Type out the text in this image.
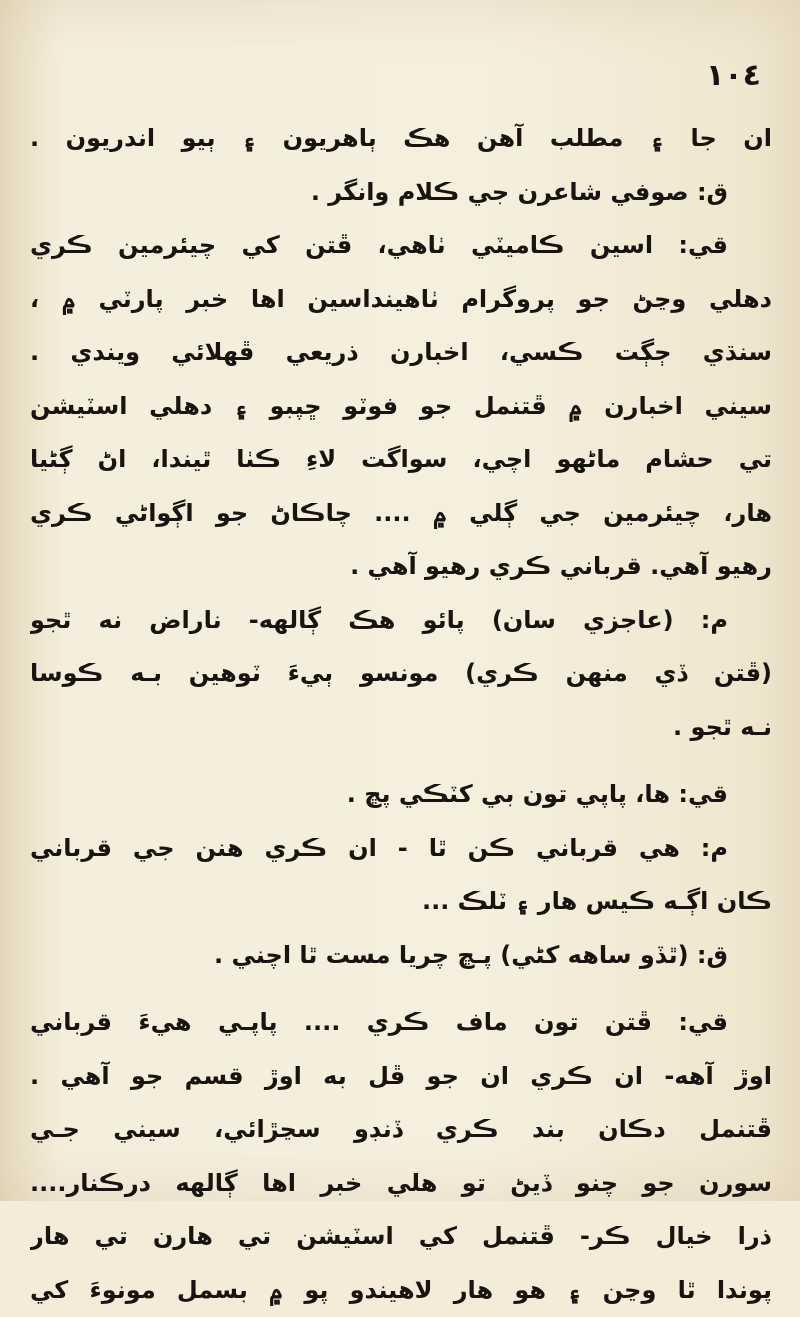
١٠٤
ان جا ۽ مطلب آهن هڪ ٻاهريون ۽ ٻيو اندريون .
ق: صوفي شاعرن جي ڪلام وانگر .
قي: اسين ڪاميٽي ٺاهي، ڦتن کي چيئرمين ڪري
دهلي وڃڻ جو پروگرام ٺاهينداسين اها خبر پارٽي ۾ ،
سنڌي ڄڳت ڪسي، اخبارن ذريعي ڦهلائي ويندي .
سيني اخبارن ۾ ڦتنمل جو فوٽو ڇپبو ۽ دهلي اسٽيشن
تي حشام ماڻهو اچي، سواگت لاءِ ڪٺا ٿيندا، اڻ ڳڻيا
هار، چيئرمين جي ڳلي ۾ .... چاڪاڻ جو اڳواڻي ڪري
رهيو آهي. قرباني ڪري رهيو آهي .
م: (عاجزي سان) پائو هڪ ڳالهه- ناراض نه ٿجو
(ڦتن ڏي منهن ڪري) مونسو ٻيءَ ٽوهين بـه ڪوسا
نـه ٿجو .
قي: ها، پاپي تون بي کٽڪي پڇ .
م: هي قرباني ڪن ٿا - ان ڪري هنن جي قرباني
ڪان اڳـه ڪيس هار ۽ ٽلڪ ...
ق: (ٿڏو ساهه کڻي) پـڇ چريا مست ٿا اچني .
قي: ڦتن تون ماف ڪري .... پاپـي هيءَ قرباني
اوڙ آهه- ان ڪري ان جو ڦل به اوڙ قسم جو آهي .
ڦتنمل دڪان بند ڪري ڏنڊو سڃڙائي، سيني جـي
سورن جو چنو ڏيڻ تو هلي خبر اها ڳالهه درڪنار....
ذرا خيال ڪر- ڦتنمل کي اسٽيشن تي هارن تي هار
پوندا ٿا وڃن ۽ هو هار لاهيندو پو ۾ بسمل مونوءَ کي
